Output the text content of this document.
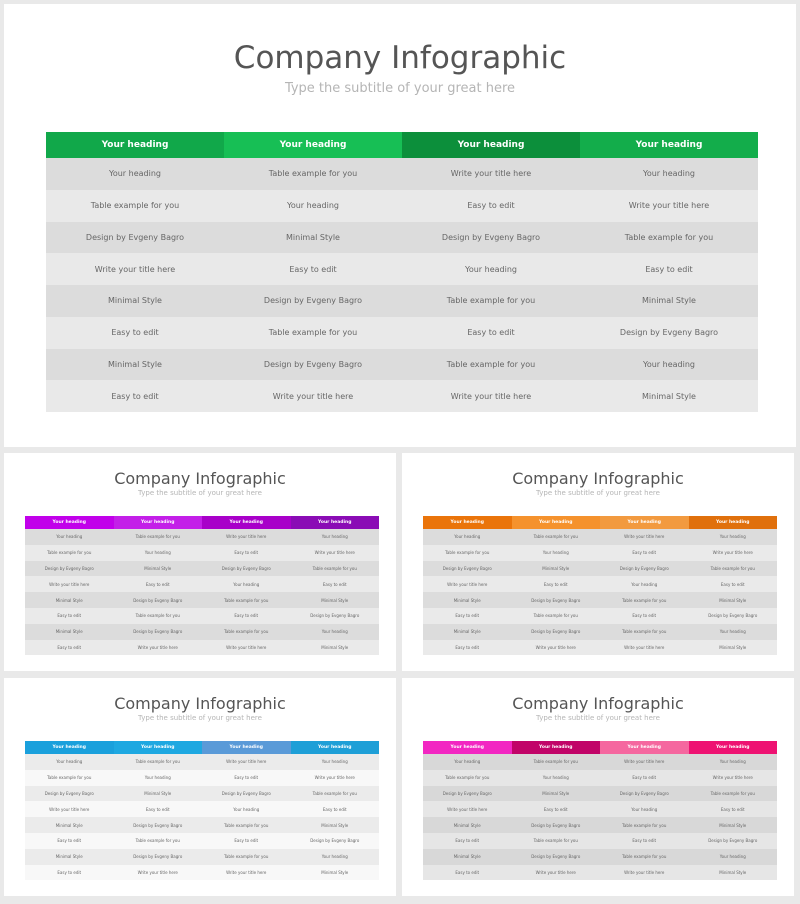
Company Infographic
Type the subtitle of your great here
Your heading	Your heading	Your heading	Your heading
Your heading	Table example for you	Write your title here	Your heading
Table example for you	Your heading	Easy to edit	Write your title here
Design by Evgeny Bagro	Minimal Style	Design by Evgeny Bagro	Table example for you
Write your title here	Easy to edit	Your heading	Easy to edit
Minimal Style	Design by Evgeny Bagro	Table example for you	Minimal Style
Easy to edit	Table example for you	Easy to edit	Design by Evgeny Bagro
Minimal Style	Design by Evgeny Bagro	Table example for you	Your heading
Easy to edit	Write your title here	Write your title here	Minimal Style
Company Infographic
Type the subtitle of your great here
Your heading	Your heading	Your heading	Your heading
Your heading	Table example for you	Write your title here	Your heading
Table example for you	Your heading	Easy to edit	Write your title here
Design by Evgeny Bagro	Minimal Style	Design by Evgeny Bagro	Table example for you
Write your title here	Easy to edit	Your heading	Easy to edit
Minimal Style	Design by Evgeny Bagro	Table example for you	Minimal Style
Easy to edit	Table example for you	Easy to edit	Design by Evgeny Bagro
Minimal Style	Design by Evgeny Bagro	Table example for you	Your heading
Easy to edit	Write your title here	Write your title here	Minimal Style
Company Infographic
Type the subtitle of your great here
Your heading	Your heading	Your heading	Your heading
Your heading	Table example for you	Write your title here	Your heading
Table example for you	Your heading	Easy to edit	Write your title here
Design by Evgeny Bagro	Minimal Style	Design by Evgeny Bagro	Table example for you
Write your title here	Easy to edit	Your heading	Easy to edit
Minimal Style	Design by Evgeny Bagro	Table example for you	Minimal Style
Easy to edit	Table example for you	Easy to edit	Design by Evgeny Bagro
Minimal Style	Design by Evgeny Bagro	Table example for you	Your heading
Easy to edit	Write your title here	Write your title here	Minimal Style
Company Infographic
Type the subtitle of your great here
Your heading	Your heading	Your heading	Your heading
Your heading	Table example for you	Write your title here	Your heading
Table example for you	Your heading	Easy to edit	Write your title here
Design by Evgeny Bagro	Minimal Style	Design by Evgeny Bagro	Table example for you
Write your title here	Easy to edit	Your heading	Easy to edit
Minimal Style	Design by Evgeny Bagro	Table example for you	Minimal Style
Easy to edit	Table example for you	Easy to edit	Design by Evgeny Bagro
Minimal Style	Design by Evgeny Bagro	Table example for you	Your heading
Easy to edit	Write your title here	Write your title here	Minimal Style
Company Infographic
Type the subtitle of your great here
Your heading	Your heading	Your heading	Your heading
Your heading	Table example for you	Write your title here	Your heading
Table example for you	Your heading	Easy to edit	Write your title here
Design by Evgeny Bagro	Minimal Style	Design by Evgeny Bagro	Table example for you
Write your title here	Easy to edit	Your heading	Easy to edit
Minimal Style	Design by Evgeny Bagro	Table example for you	Minimal Style
Easy to edit	Table example for you	Easy to edit	Design by Evgeny Bagro
Minimal Style	Design by Evgeny Bagro	Table example for you	Your heading
Easy to edit	Write your title here	Write your title here	Minimal Style
